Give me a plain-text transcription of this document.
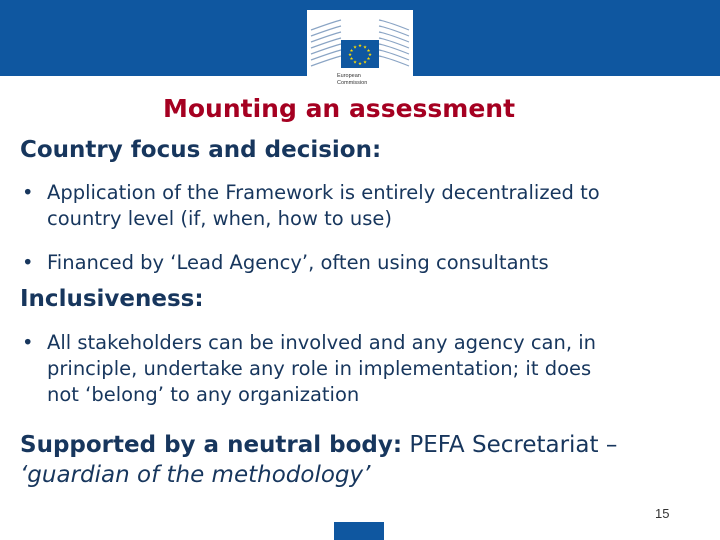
★ ★
★
★
★
★
★
★
★
★
★
★
European
Commission
Mounting an assessment
Country focus and decision:
• Application of the Framework is entirely decentralized to
country level (if, when, how to use)
• Financed by ‘Lead Agency’, often using consultants
Inclusiveness:
• All stakeholders can be involved and any agency can, in
principle, undertake any role in implementation; it does
not ‘belong’ to any organization
Supported by a neutral body: PEFA Secretariat –
‘guardian of the methodology’
15
